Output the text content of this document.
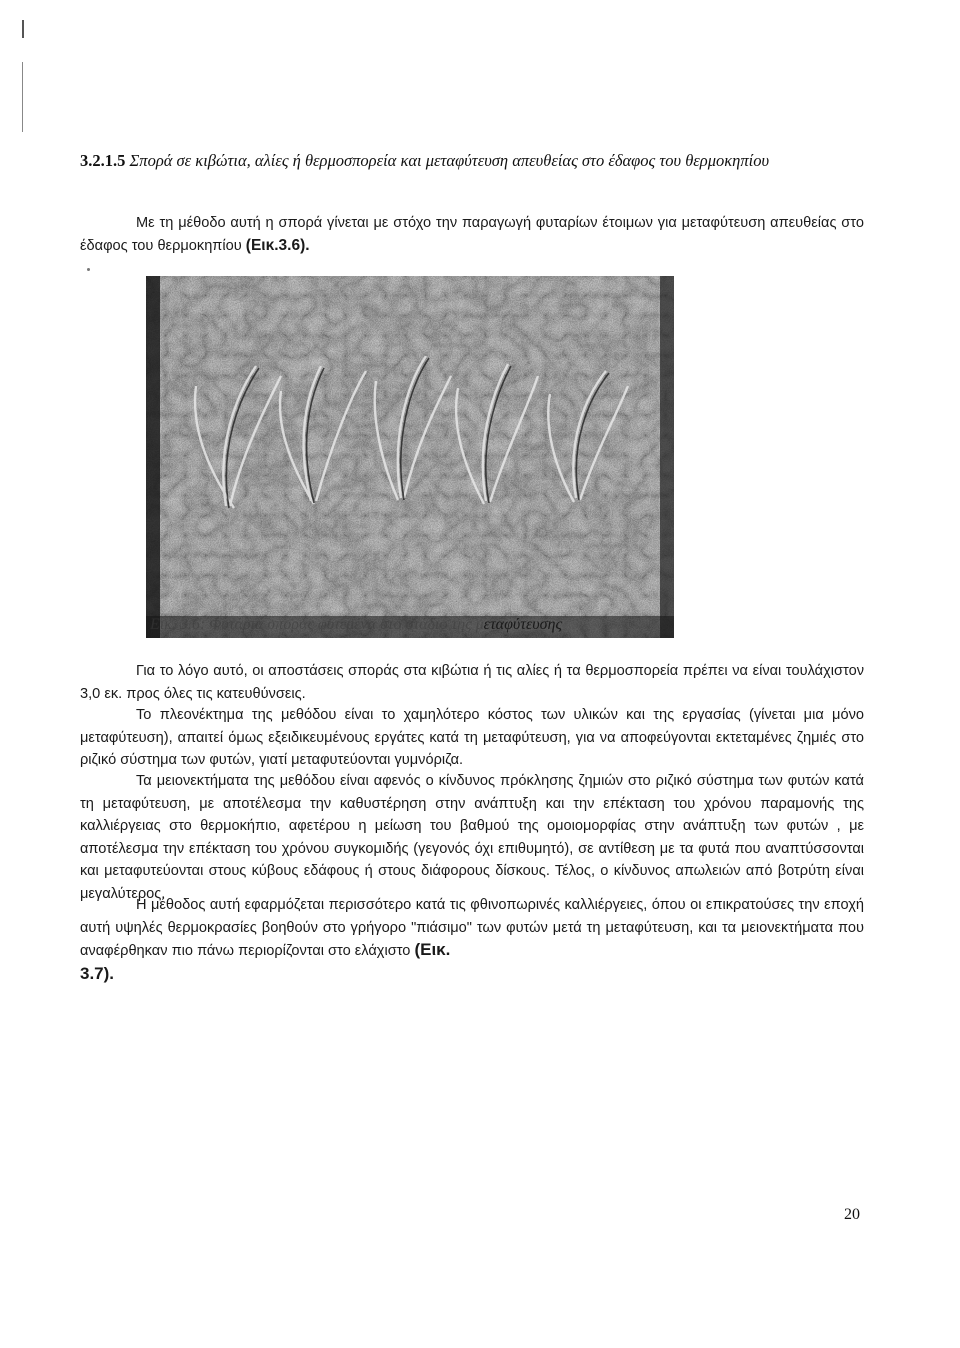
3.2.1.5 Σπορά σε κιβώτια, αλίες ή θερμοσπορεία και μεταφύτευση απευθείας στο έδαφος του θερμοκηπίου
Με τη μέθοδο αυτή η σπορά γίνεται με στόχο την παραγωγή φυταρίων έτοιμων για μεταφύτευση απευθείας στο έδαφος του θερμοκηπίου (Εικ.3.6).
Εικ. 3.6: Φυτάρια σποράς φυτεμένα στο στάδιο της μεταφύτευσης
Για το λόγο αυτό, οι αποστάσεις σποράς στα κιβώτια ή τις αλίες ή τα θερμοσπορεία πρέπει να είναι τουλάχιστον 3,0 εκ. προς όλες τις κατευθύνσεις.
Το πλεονέκτημα της μεθόδου είναι το χαμηλότερο κόστος των υλικών και της εργασίας (γίνεται μια μόνο μεταφύτευση), απαιτεί όμως εξειδικευμένους εργάτες κατά τη μεταφύτευση, για να αποφεύγονται εκτεταμένες ζημιές στο ριζικό σύστημα των φυτών, γιατί μεταφυτεύονται γυμνόριζα.
Τα μειονεκτήματα της μεθόδου είναι αφενός ο κίνδυνος πρόκλησης ζημιών στο ριζικό σύστημα των φυτών κατά τη μεταφύτευση, με αποτέλεσμα την καθυστέρηση στην ανάπτυξη και την επέκταση του χρόνου παραμονής της καλλιέργειας στο θερμοκήπιο, αφετέρου η μείωση του βαθμού της ομοιομορφίας στην ανάπτυξη των φυτών , με αποτέλεσμα την επέκταση του χρόνου συγκομιδής (γεγονός όχι επιθυμητό), σε αντίθεση με τα φυτά που αναπτύσσονται και μεταφυτεύονται στους κύβους εδάφους ή στους διάφορους δίσκους. Τέλος, ο κίνδυνος απωλειών από βοτρύτη είναι μεγαλύτερος.
Η μέθοδος αυτή εφαρμόζεται περισσότερο κατά τις φθινοπωρινές καλλιέργειες, όπου οι επικρατούσες την εποχή αυτή υψηλές θερμοκρασίες βοηθούν στο γρήγορο "πιάσιμο" των φυτών μετά τη μεταφύτευση, και τα μειονεκτήματα που αναφέρθηκαν πιο πάνω περιορίζονται στο ελάχιστο (Εικ.
3.7).
20
